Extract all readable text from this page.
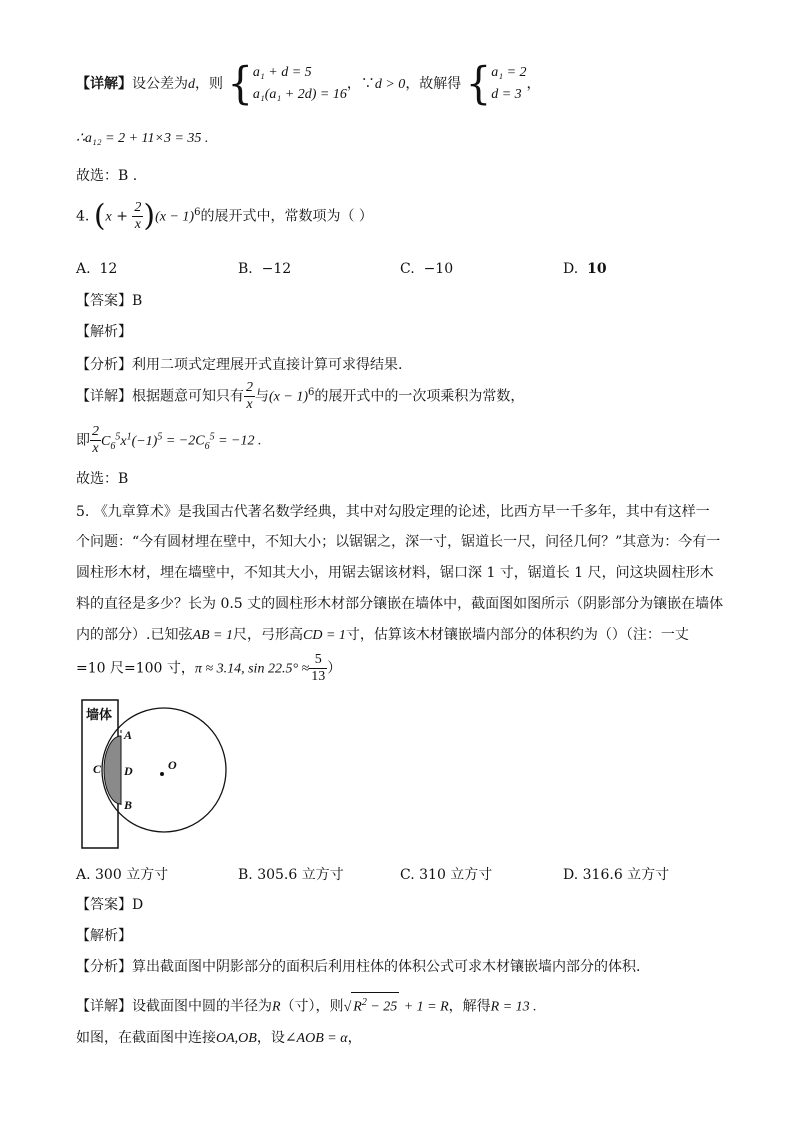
【详解】设公差为d，则 { a₁ + d = 5
a₁(a₁ + 2d) = 16
，∵d > 0，故解得 { a₁ = 2
d = 3
，
∴a₁₂ = 2 + 11×3 = 35 .
故选：B .
4. $(x + \frac{2}{x} )(x - 1)^6$的展开式中，常数项为（ ）
A. 12	B. −12	C. −10	D. 10
【答案】B
【解析】
【分析】利用二项式定理展开式直接计算可求得结果.
【详解】根据题意可知只有 $\frac{2}{x}$ 与$(x - 1)^6$的展开式中的一次项乘积为常数，
即 $\frac{2}{x} C_6^5x^1(-1)^5 = -2C_6^5 = -12$ .
故选：B
5. 《九章算术》是我国古代著名数学经典，其中对勾股定理的论述，比西方早一千多年，其中有这样一
个问题：“今有圆材埋在壁中，不知大小；以锯锯之，深一寸，锯道长一尺，问径几何？”其意为：今有一
圆柱形木材，埋在墙壁中，不知其大小，用锯去锯该材料，锯口深 1 寸，锯道长 1 尺，问这块圆柱形木
料的直径是多少？长为 0.5 丈的圆柱形木材部分镶嵌在墙体中，截面图如图所示（阴影部分为镶嵌在墙体
内的部分）.已知弦AB = 1尺，弓形高CD = 1寸，估算该木材镶嵌墙内部分的体积约为（）（注：一丈
=10 尺=100 寸，π ≈ 3.14, $\sin 22.5^\circ \approx \frac{5}{13}$ ）
墙体
A
C D
B
O
A. 300 立方寸	B. 305.6 立方寸	C. 310 立方寸	D. 316.6 立方寸
【答案】D
【解析】
【分析】算出截面图中阴影部分的面积后利用柱体的体积公式可求木材镶嵌墙内部分的体积.
【详解】设截面图中圆的半径为R（寸），则√ $R^2 - 25 + 1 = R$，解得R = 13 .
如图，在截面图中连接OA,OB，设∠AOB = α，
